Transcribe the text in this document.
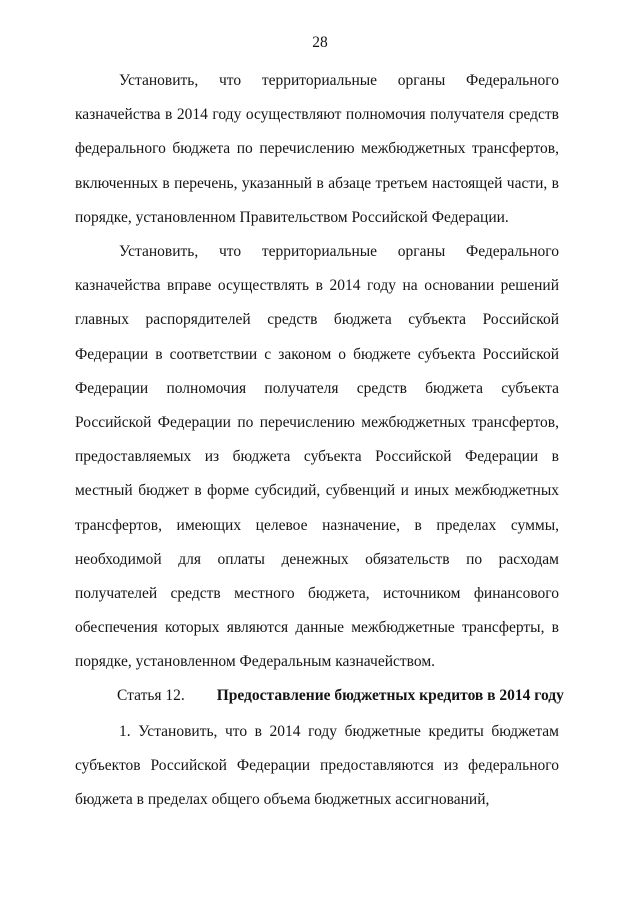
28

Установить, что территориальные органы Федерального казначейства в 2014 году осуществляют полномочия получателя средств федерального бюджета по перечислению межбюджетных трансфертов, включенных в перечень, указанный в абзаце третьем настоящей части, в порядке, установленном Правительством Российской Федерации.

Установить, что территориальные органы Федерального казначейства вправе осуществлять в 2014 году на основании решений главных распорядителей средств бюджета субъекта Российской Федерации в соответствии с законом о бюджете субъекта Российской Федерации полномочия получателя средств бюджета субъекта Российской Федерации по перечислению межбюджетных трансфертов, предоставляемых из бюджета субъекта Российской Федерации в местный бюджет в форме субсидий, субвенций и иных межбюджетных трансфертов, имеющих целевое назначение, в пределах суммы, необходимой для оплаты денежных обязательств по расходам получателей средств местного бюджета, источником финансового обеспечения которых являются данные межбюджетные трансферты, в порядке, установленном Федеральным казначейством.

Статья 12. Предоставление бюджетных кредитов в 2014 году

1. Установить, что в 2014 году бюджетные кредиты бюджетам субъектов Российской Федерации предоставляются из федерального бюджета в пределах общего объема бюджетных ассигнований,
